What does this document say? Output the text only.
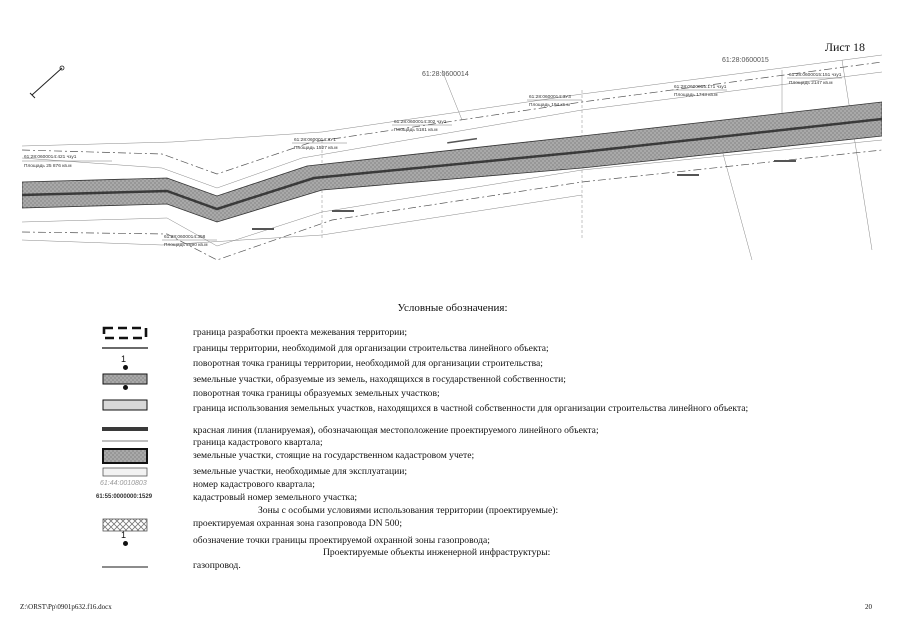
Лист 18
61:28:0600014
61:28:0600015
61:28:0600014:421 чзу1
Площадь 25 876 кв.м
61:28:0600014:ЗУ1
Площадь 1527 кв.м
61:28:0600014:302 чзу1
Площадь 5181 кв.м
61:28:0600014:ЗУ3
Площадь 194 кв.м
61:28:0600015:171 чзу1
Площадь 1743 кв.м
61:28:0600015:151 чзу1
Площадь 2147 кв.м
61:28:0600014:358
Площадь 2890 кв.м
Условные обозначения:
граница разработки проекта межевания территории;
границы территории, необходимой для организации строительства линейного объекта;
1	поворотная точка границы территории, необходимой для организации строительства;
земельные участки, образуемые из земель, находящихся в государственной собственности;
поворотная точка границы образуемых земельных участков;
граница использования земельных участков, находящихся в частной собственности для организации строительства линейного объекта;
красная линия (планируемая), обозначающая местоположение проектируемого линейного объекта;
граница кадастрового квартала;
земельные участки, стоящие на государственном кадастровом учете;
земельные участки, необходимые для эксплуатации;
61:44:0010803	номер кадастрового квартала;
61:55:0000000:1529	кадастровый номер земельного участка;
Зоны с особыми условиями использования территории (проектируемые):
проектируемая охранная зона газопровода DN 500;
1	обозначение точки границы проектируемой охранной зоны газопровода;
Проектируемые объекты инженерной инфраструктуры:
газопровод.
Z:\ORST\Pp\0901p632.f16.docx	20
